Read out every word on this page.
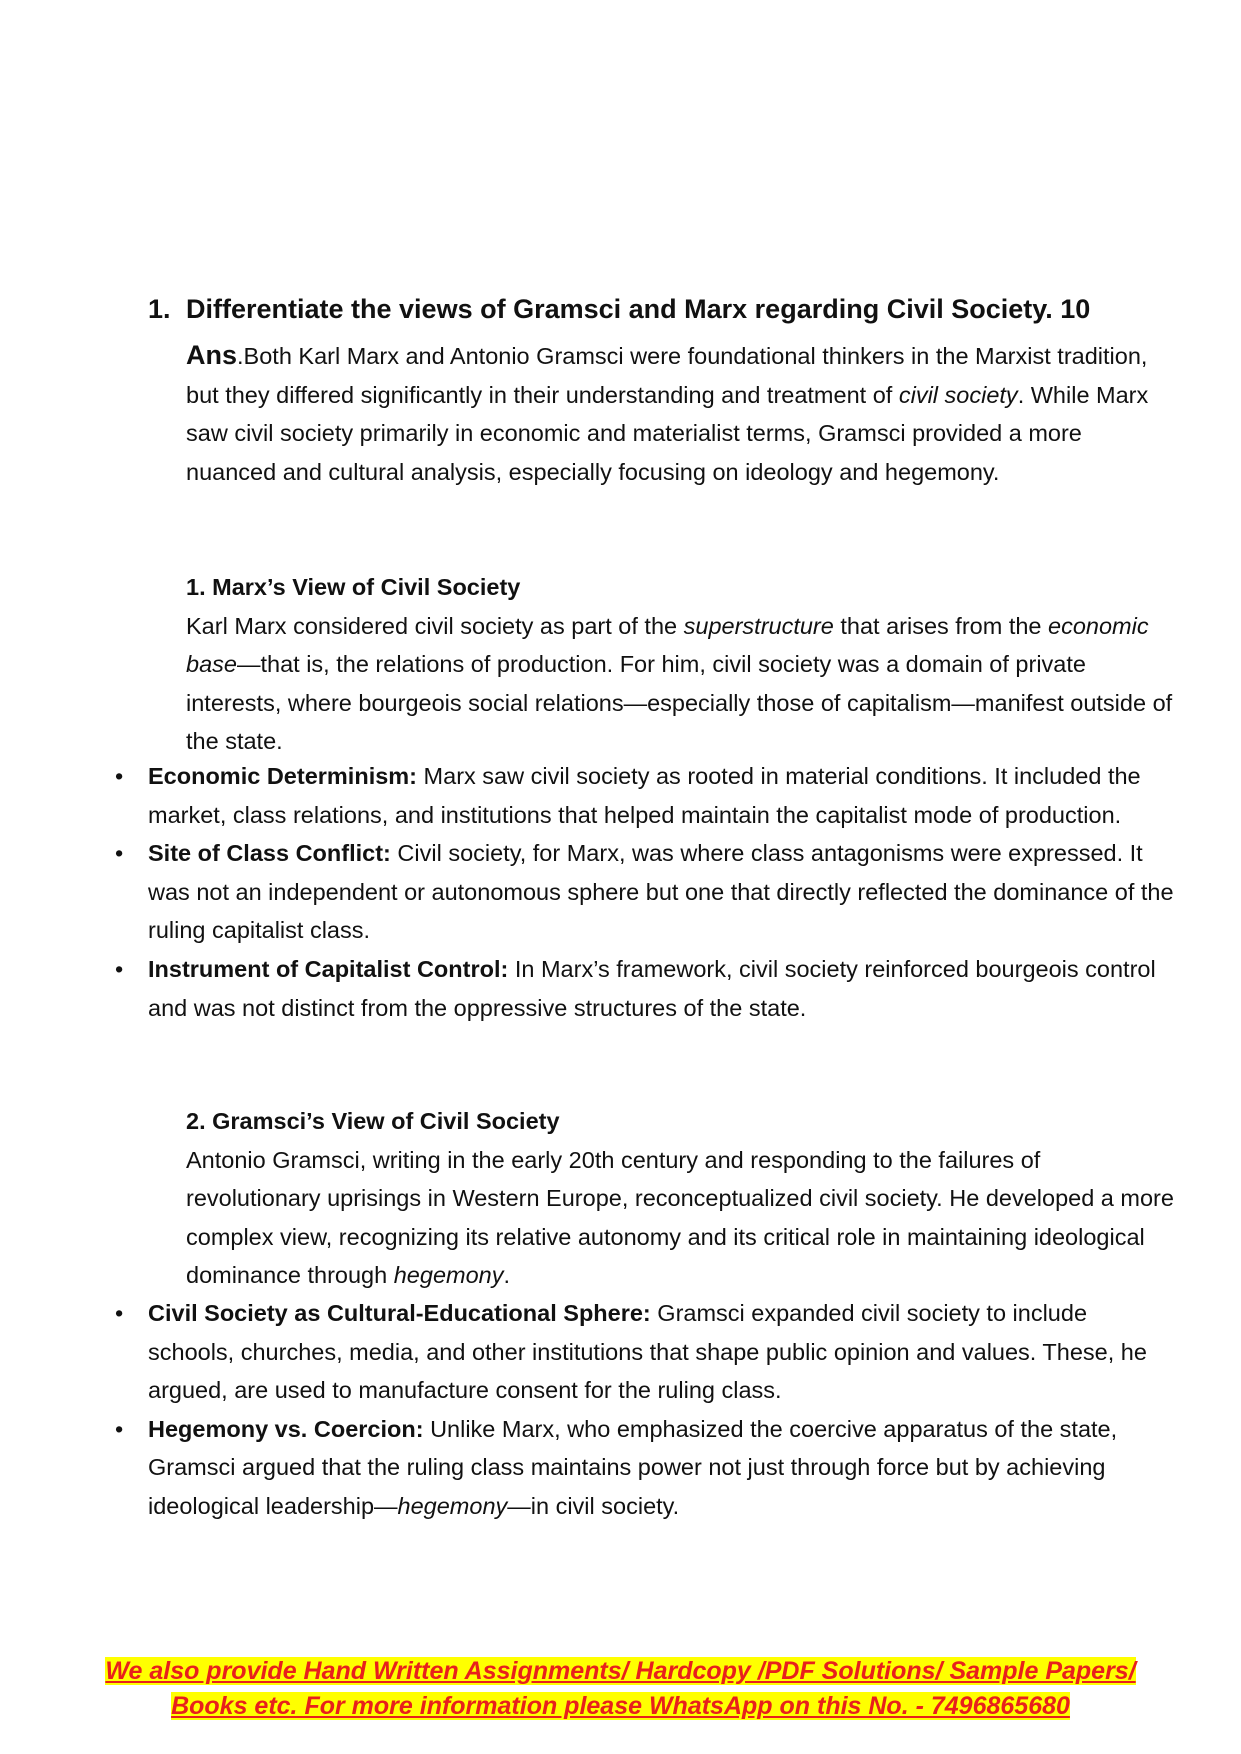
1. Differentiate the views of Gramsci and Marx regarding Civil Society. 10
Ans.Both Karl Marx and Antonio Gramsci were foundational thinkers in the Marxist tradition, but they differed significantly in their understanding and treatment of civil society. While Marx saw civil society primarily in economic and materialist terms, Gramsci provided a more nuanced and cultural analysis, especially focusing on ideology and hegemony.
1. Marx’s View of Civil Society
Karl Marx considered civil society as part of the superstructure that arises from the economic base—that is, the relations of production. For him, civil society was a domain of private interests, where bourgeois social relations—especially those of capitalism—manifest outside of the state.
• Economic Determinism: Marx saw civil society as rooted in material conditions. It included the market, class relations, and institutions that helped maintain the capitalist mode of production.
• Site of Class Conflict: Civil society, for Marx, was where class antagonisms were expressed. It was not an independent or autonomous sphere but one that directly reflected the dominance of the ruling capitalist class.
• Instrument of Capitalist Control: In Marx’s framework, civil society reinforced bourgeois control and was not distinct from the oppressive structures of the state.
2. Gramsci’s View of Civil Society
Antonio Gramsci, writing in the early 20th century and responding to the failures of revolutionary uprisings in Western Europe, reconceptualized civil society. He developed a more complex view, recognizing its relative autonomy and its critical role in maintaining ideological dominance through hegemony.
• Civil Society as Cultural-Educational Sphere: Gramsci expanded civil society to include schools, churches, media, and other institutions that shape public opinion and values. These, he argued, are used to manufacture consent for the ruling class.
• Hegemony vs. Coercion: Unlike Marx, who emphasized the coercive apparatus of the state, Gramsci argued that the ruling class maintains power not just through force but by achieving ideological leadership—hegemony—in civil society.
We also provide Hand Written Assignments/ Hardcopy /PDF Solutions/ Sample Papers/
Books etc. For more information please WhatsApp on this No. - 7496865680
